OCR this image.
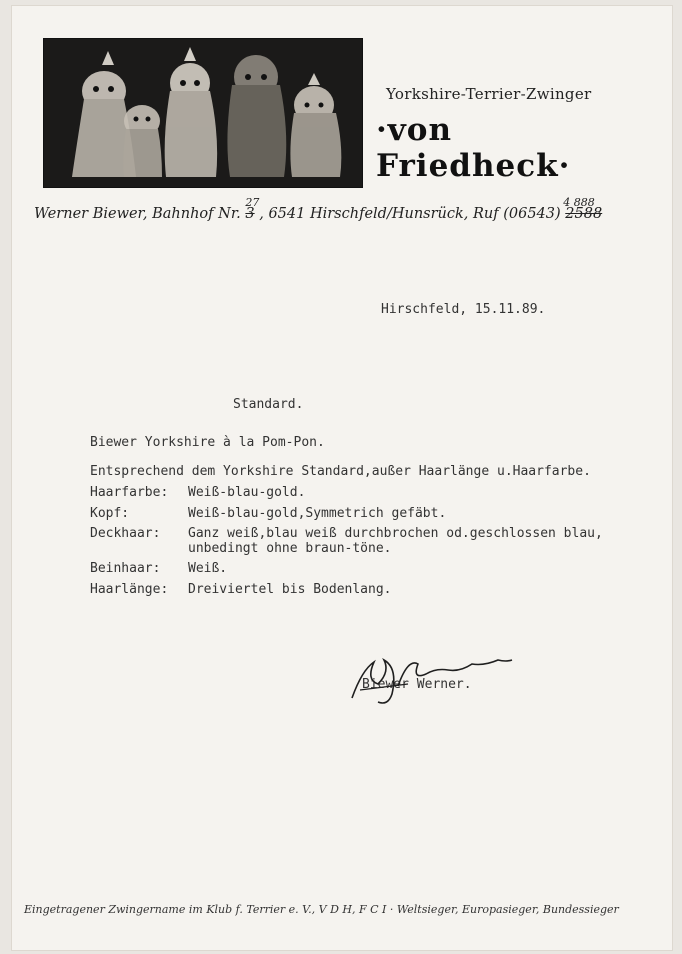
Yorkshire-Terrier-Zwinger
·von Friedheck·
Werner Biewer, Bahnhof Nr. 3
27
, 6541 Hirschfeld/Hunsrück, Ruf (06543) 2588
4 888
Hirschfeld, 15.11.89.
Standard.
Biewer Yorkshire à la Pom-Pon.
Entsprechend dem Yorkshire Standard,außer Haarlänge u.Haarfarbe.
Haarfarbe: Weiß-blau-gold.
Kopf:	Weiß-blau-gold,Symmetrich gefäbt.
Deckhaar: Ganz weiß,blau weiß durchbrochen od.geschlossen blau,
unbedingt ohne braun-töne.
Beinhaar: Weiß.
Haarlänge: Dreiviertel bis Bodenlang.
Biewer Werner.
Eingetragener Zwingername im Klub f. Terrier e. V., V D H, F C I · Weltsieger, Europasieger, Bundessieger
